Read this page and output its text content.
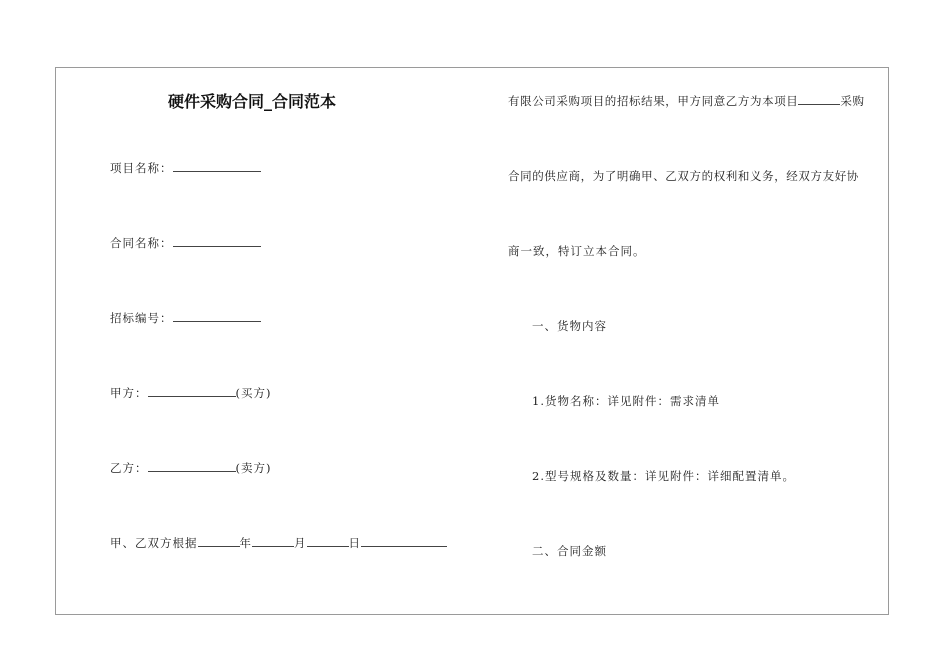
硬件采购合同_合同范本
项目名称：
合同名称：
招标编号：
甲方：	(买方)
乙方：	(卖方)
甲、乙双方根据	年	月	日
有限公司采购项目的招标结果，甲方同意乙方为本项目	采购
合同的供应商，为了明确甲、乙双方的权利和义务，经双方友好协
商一致，特订立本合同。
一、货物内容
1.货物名称：详见附件：需求清单
2.型号规格及数量：详见附件：详细配置清单。
二、合同金额
